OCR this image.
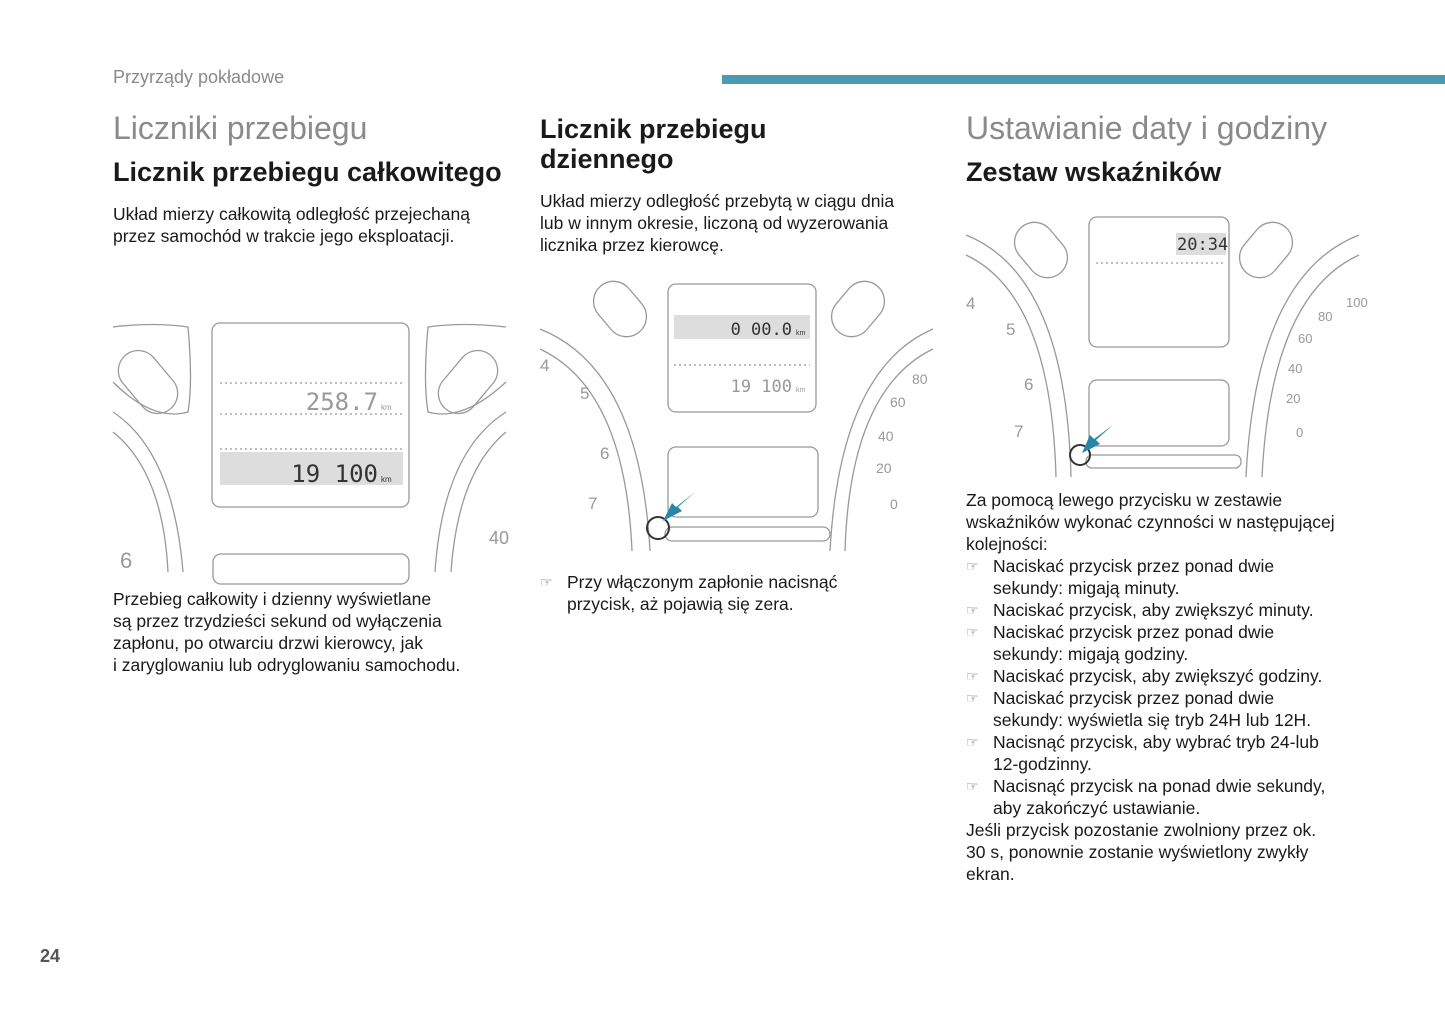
Przyrządy pokładowe
Liczniki przebiegu
Licznik przebiegu całkowitego

Układ mierzy całkowitą odległość przejechaną
przez samochód w trakcie jego eksploatacji.

258.7 km
19 100 km
6
40

Przebieg całkowity i dzienny wyświetlane
są przez trzydzieści sekund od wyłączenia
zapłonu, po otwarciu drzwi kierowcy, jak
i zaryglowaniu lub odryglowaniu samochodu.

Licznik przebiegu dziennego

Układ mierzy odległość przebytą w ciągu dnia
lub w innym okresie, liczoną od wyzerowania
licznika przez kierowcę.

0 00.0 km
19 100 km
4
5
6
7
80
60
40
20
0
☞ Przy włączonym zapłonie nacisnąć
przycisk, aż pojawią się zera.
Ustawianie daty i godziny
Zestaw wskaźników
20:34
4
5
6
7
100
80
60
40
20
0

Za pomocą lewego przycisku w zestawie
wskaźników wykonać czynności w następującej
kolejności:

☞ Naciskać przycisk przez ponad dwie
sekundy: migają minuty.
☞ Naciskać przycisk, aby zwiększyć minuty.
☞ Naciskać przycisk przez ponad dwie
sekundy: migają godziny.
☞ Naciskać przycisk, aby zwiększyć godziny.
☞ Naciskać przycisk przez ponad dwie
sekundy: wyświetla się tryb 24H lub 12H.
☞ Nacisnąć przycisk, aby wybrać tryb 24-lub
12-godzinny.
☞ Nacisnąć przycisk na ponad dwie sekundy,
aby zakończyć ustawianie.

Jeśli przycisk pozostanie zwolniony przez ok.
30 s, ponownie zostanie wyświetlony zwykły
ekran.

24
